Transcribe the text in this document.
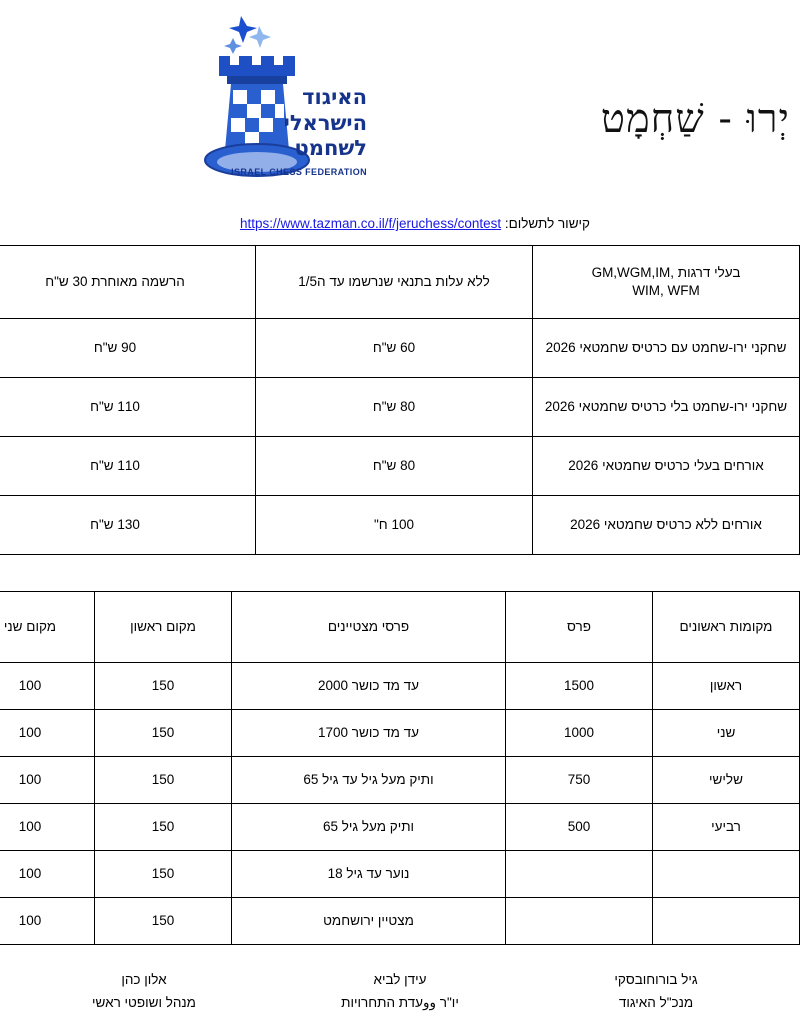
יְרוּ - שַׁחְמָט
האיגוד
הישראלי
לשחמט
ISRAEL CHESS FEDERATION
קישור לתשלום: https://www.tazman.co.il/f/jeruchess/contest
בעלי דרגות ,GM,WGM,IM
WIM, WFM	ללא עלות בתנאי שנרשמו עד ה1/5	הרשמה מאוחרת 30 ש"ח
שחקני ירו-שחמט עם כרטיס שחמטאי 2026	60 ש"ח	90 ש"ח
שחקני ירו-שחמט בלי כרטיס שחמטאי 2026	80 ש"ח	110 ש"ח
אורחים בעלי כרטיס שחמטאי 2026	80 ש"ח	110 ש"ח
אורחים ללא כרטיס שחמטאי 2026	100 ח"	130 ש"ח
מקומות ראשונים	פרס	פרסי מצטיינים	מקום ראשון	מקום שני
ראשון	1500	עד מד כושר 2000	150	100
שני	1000	עד מד כושר 1700	150	100
שלישי	750	ותיק מעל גיל עד גיל 65	150	100
רביעי	500	ותיק מעל גיל 65	150	100
		נוער עד גיל 18	150	100
		מצטיין ירושחמט	150	100
גיל בורוחובסקי
מנכ"ל האיגוד
עידן לביא
יו"ר ووעדת התחרויות
אלון כהן
מנהל ושופטי ראשי
